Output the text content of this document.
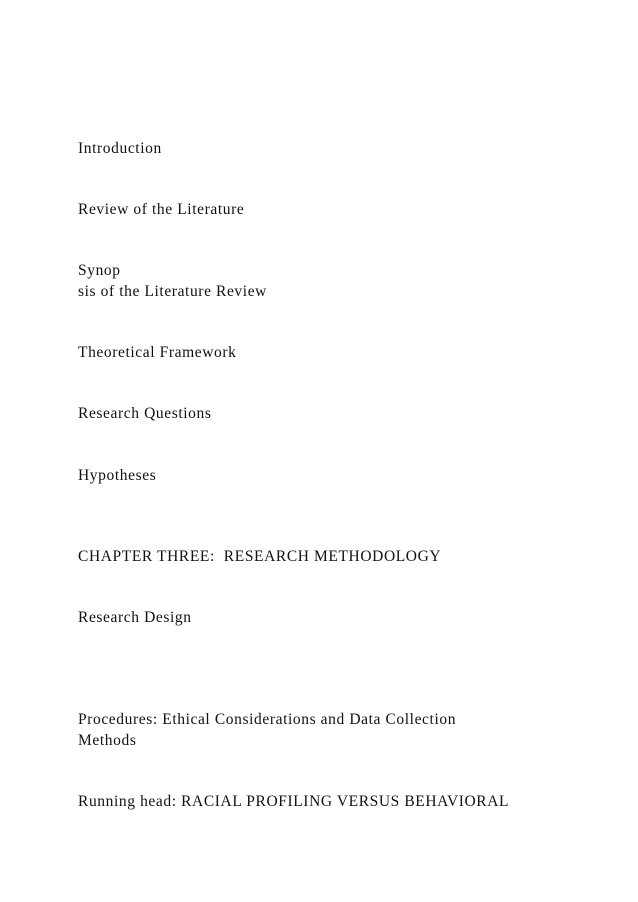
Introduction

Review of the Literature

Synop

sis of the Literature Review

Theoretical Framework

Research Questions

Hypotheses

CHAPTER THREE:  RESEARCH METHODOLOGY

Research Design

Procedures: Ethical Considerations and Data Collection

Methods

Running head: RACIAL PROFILING VERSUS BEHAVIORAL
